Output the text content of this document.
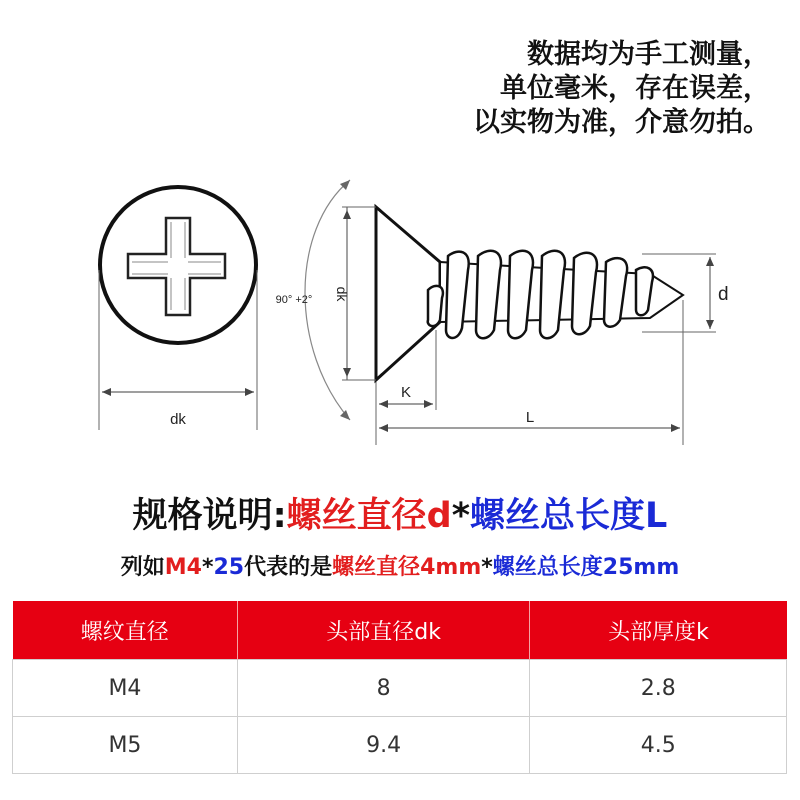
数据均为手工测量，
单位毫米，存在误差，
以实物为准，介意勿拍。
dk
dk
90° +2°
K
L
d
规格说明:螺丝直径d*螺丝总长度L
列如M4*25代表的是螺丝直径4mm*螺丝总长度25mm
螺纹直径	头部直径dk	头部厚度k
M4	8	2.8
M5	9.4	4.5
